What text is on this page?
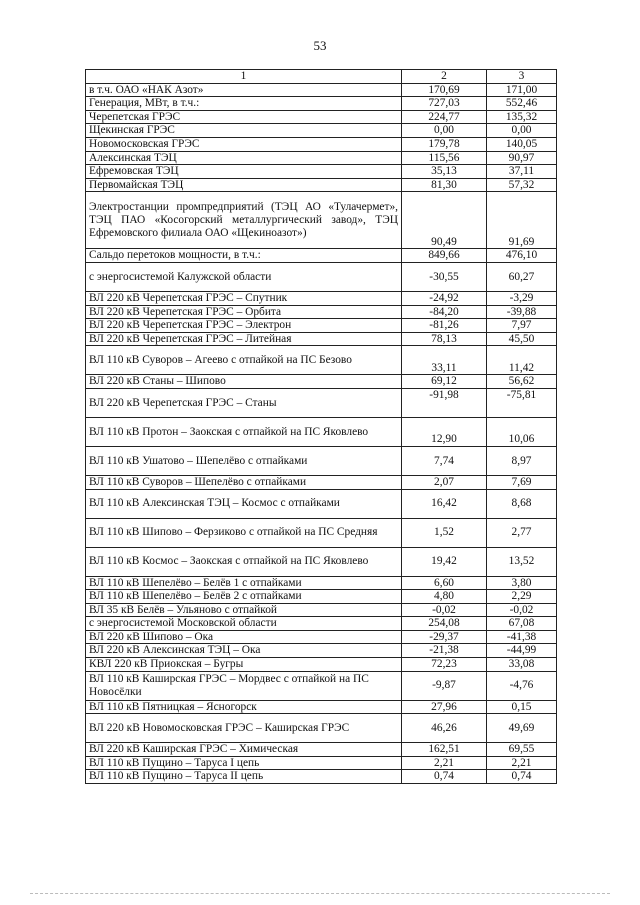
53
1	2	3
в т.ч. ОАО «НАК Азот»	170,69	171,00
Генерация, МВт, в т.ч.:	727,03	552,46
Черепетская ГРЭС	224,77	135,32
Щекинская ГРЭС	0,00	0,00
Новомосковская ГРЭС	179,78	140,05
Алексинская ТЭЦ	115,56	90,97
Ефремовская ТЭЦ	35,13	37,11
Первомайская ТЭЦ	81,30	57,32
Электростанции промпредприятий (ТЭЦ АО «Тулачермет», ТЭЦ ПАО «Косогорский металлургический завод», ТЭЦ Ефремовского филиала ОАО «Щекиноазот»)	90,49	91,69
Сальдо перетоков мощности, в т.ч.:	849,66	476,10
с энергосистемой Калужской области	-30,55	60,27
ВЛ 220 кВ Черепетская ГРЭС – Спутник	-24,92	-3,29
ВЛ 220 кВ Черепетская ГРЭС – Орбита	-84,20	-39,88
ВЛ 220 кВ Черепетская ГРЭС – Электрон	-81,26	7,97
ВЛ 220 кВ Черепетская ГРЭС – Литейная	78,13	45,50
ВЛ 110 кВ Суворов – Агеево с отпайкой на ПС Безово	33,11	11,42
ВЛ 220 кВ Станы – Шипово	69,12	56,62
ВЛ 220 кВ Черепетская ГРЭС – Станы	-91,98	-75,81
ВЛ 110 кВ Протон – Заокская с отпайкой на ПС Яковлево	12,90	10,06
ВЛ 110 кВ Ушатово – Шепелёво с отпайками	7,74	8,97
ВЛ 110 кВ Суворов – Шепелёво с отпайками	2,07	7,69
ВЛ 110 кВ Алексинская ТЭЦ – Космос с отпайками	16,42	8,68
ВЛ 110 кВ Шипово – Ферзиково с отпайкой на ПС Средняя	1,52	2,77
ВЛ 110 кВ Космос – Заокская с отпайкой на ПС Яковлево	19,42	13,52
ВЛ 110 кВ Шепелёво – Белёв 1 с отпайками	6,60	3,80
ВЛ 110 кВ Шепелёво – Белёв 2 с отпайками	4,80	2,29
ВЛ 35 кВ Белёв – Ульяново с отпайкой	-0,02	-0,02
с энергосистемой Московской области	254,08	67,08
ВЛ 220 кВ Шипово – Ока	-29,37	-41,38
ВЛ 220 кВ Алексинская ТЭЦ – Ока	-21,38	-44,99
КВЛ 220 кВ Приокская – Бугры	72,23	33,08
ВЛ 110 кВ Каширская ГРЭС – Мордвес с отпайкой на ПС Новосёлки	-9,87	-4,76
ВЛ 110 кВ Пятницкая – Ясногорск	27,96	0,15
ВЛ 220 кВ Новомосковская ГРЭС – Каширская ГРЭС	46,26	49,69
ВЛ 220 кВ Каширская ГРЭС – Химическая	162,51	69,55
ВЛ 110 кВ Пущино – Таруса I цепь	2,21	2,21
ВЛ 110 кВ Пущино – Таруса II цепь	0,74	0,74
